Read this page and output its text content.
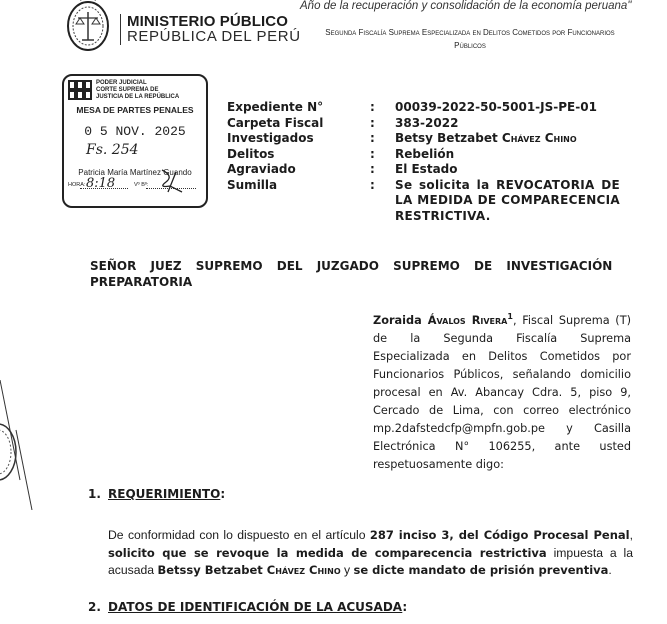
MINISTERIO PÚBLICO
REPÚBLICA DEL PERÚ
Año de la recuperación y consolidación de la economía peruana"
Segunda Fiscalía Suprema Especializada en Delitos Cometidos por Funcionarios
Públicos
PODER JUDICIAL
CORTE SUPREMA DE
JUSTICIA DE LA REPÚBLICA
MESA DE PARTES PENALES
0 5 NOV. 2025
Fs. 254
Patricia María Martínez Guando
HORA: 8:18	Vº Bº:
Expediente N°	:	00039-2022-50-5001-JS-PE-01
Carpeta Fiscal	:	383-2022
Investigados	:	Betsy Betzabet Chávez Chino
Delitos	:	Rebelión
Agraviado	:	El Estado
Sumilla	:	Se solicita la REVOCATORIA DE LA MEDIDA DE COMPARECENCIA RESTRICTIVA.
SEÑOR JUEZ SUPREMO DEL JUZGADO SUPREMO DE INVESTIGACIÓN
PREPARATORIA
Zoraida Ávalos Rivera$^1$, Fiscal Suprema (T) de la Segunda Fiscalía Suprema Especializada en Delitos Cometidos por Funcionarios Públicos, señalando domicilio procesal en Av. Abancay Cdra. 5, piso 9, Cercado de Lima, con correo electrónico mp.2dafstedcfp@mpfn.gob.pe y Casilla Electrónica N° 106255, ante usted respetuosamente digo:
1. REQUERIMIENTO:
De conformidad con lo dispuesto en el artículo 287 inciso 3, del Código Procesal Penal, solicito que se revoque la medida de comparecencia restrictiva impuesta a la acusada Betssy Betzabet Chávez Chino y se dicte mandato de prisión preventiva.
2. DATOS DE IDENTIFICACIÓN DE LA ACUSADA:
